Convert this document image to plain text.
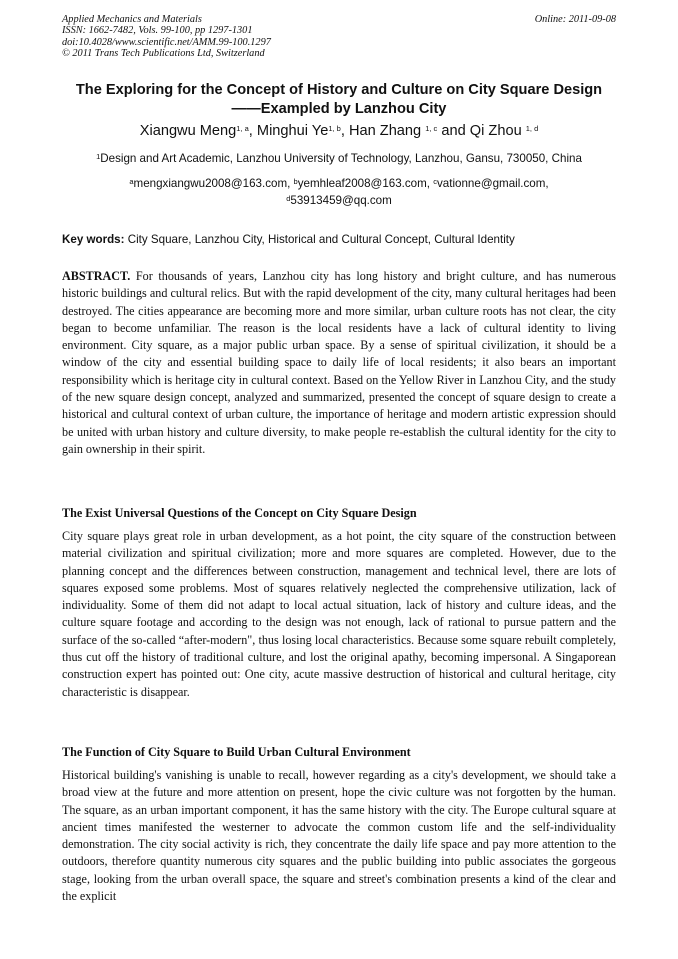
Applied Mechanics and Materials
ISSN: 1662-7482, Vols. 99-100, pp 1297-1301
doi:10.4028/www.scientific.net/AMM.99-100.1297
© 2011 Trans Tech Publications Ltd, Switzerland
Online: 2011-09-08
The Exploring for the Concept of History and Culture on City Square Design——Exampled by Lanzhou City
Xiangwu Meng$^{1, a}$, Minghui Ye$^{1, b}$, Han Zhang $^{1, c}$ and Qi Zhou $^{1, d}$
$^1$Design and Art Academic, Lanzhou University of Technology, Lanzhou, Gansu, 730050, China
$^a$mengxiangwu2008@163.com, $^b$yemhleaf2008@163.com, $^c$vationne@gmail.com,
$^d$53913459@qq.com
Key words: City Square, Lanzhou City, Historical and Cultural Concept, Cultural Identity
ABSTRACT. For thousands of years, Lanzhou city has long history and bright culture, and has numerous historic buildings and cultural relics. But with the rapid development of the city, many cultural heritages had been destroyed. The cities appearance are becoming more and more similar, urban culture roots has not clear, the city began to become unfamiliar. The reason is the local residents have a lack of cultural identity to living environment. City square, as a major public urban space. By a sense of spiritual civilization, it should be a window of the city and essential building space to daily life of local residents; it also bears an important responsibility which is heritage city in cultural context. Based on the Yellow River in Lanzhou City, and the study of the new square design concept, analyzed and summarized, presented the concept of square design to create a historical and cultural context of urban culture, the importance of heritage and modern artistic expression should be united with urban history and culture diversity, to make people re-establish the cultural identity for the city to gain ownership in their spirit.
The Exist Universal Questions of the Concept on City Square Design
City square plays great role in urban development, as a hot point, the city square of the construction between material civilization and spiritual civilization; more and more squares are completed. However, due to the planning concept and the differences between construction, management and technical level, there are lots of squares exposed some problems. Most of squares relatively neglected the comprehensive utilization, lack of individuality. Some of them did not adapt to local actual situation, lack of history and culture ideas, and the culture square footage and according to the design was not enough, lack of rational to pursue pattern and the surface of the so-called “after-modern", thus losing local characteristics. Because some square rebuilt completely, thus cut off the history of traditional culture, and lost the original apathy, becoming impersonal. A Singaporean construction expert has pointed out: One city, acute massive destruction of historical and cultural heritage, city characteristic is disappear.
The Function of City Square to Build Urban Cultural Environment
Historical building's vanishing is unable to recall, however regarding as a city's development, we should take a broad view at the future and more attention on present, hope the civic culture was not forgotten by the human. The square, as an urban important component, it has the same history with the city. The Europe cultural square at ancient times manifested the westerner to advocate the common custom life and the self-individuality demonstration. The city social activity is rich, they concentrate the daily life space and pay more attention to the outdoors, therefore quantity numerous city squares and the public building into public associates the gorgeous stage, looking from the urban overall space, the square and street's combination presents a kind of the clear and the explicit
